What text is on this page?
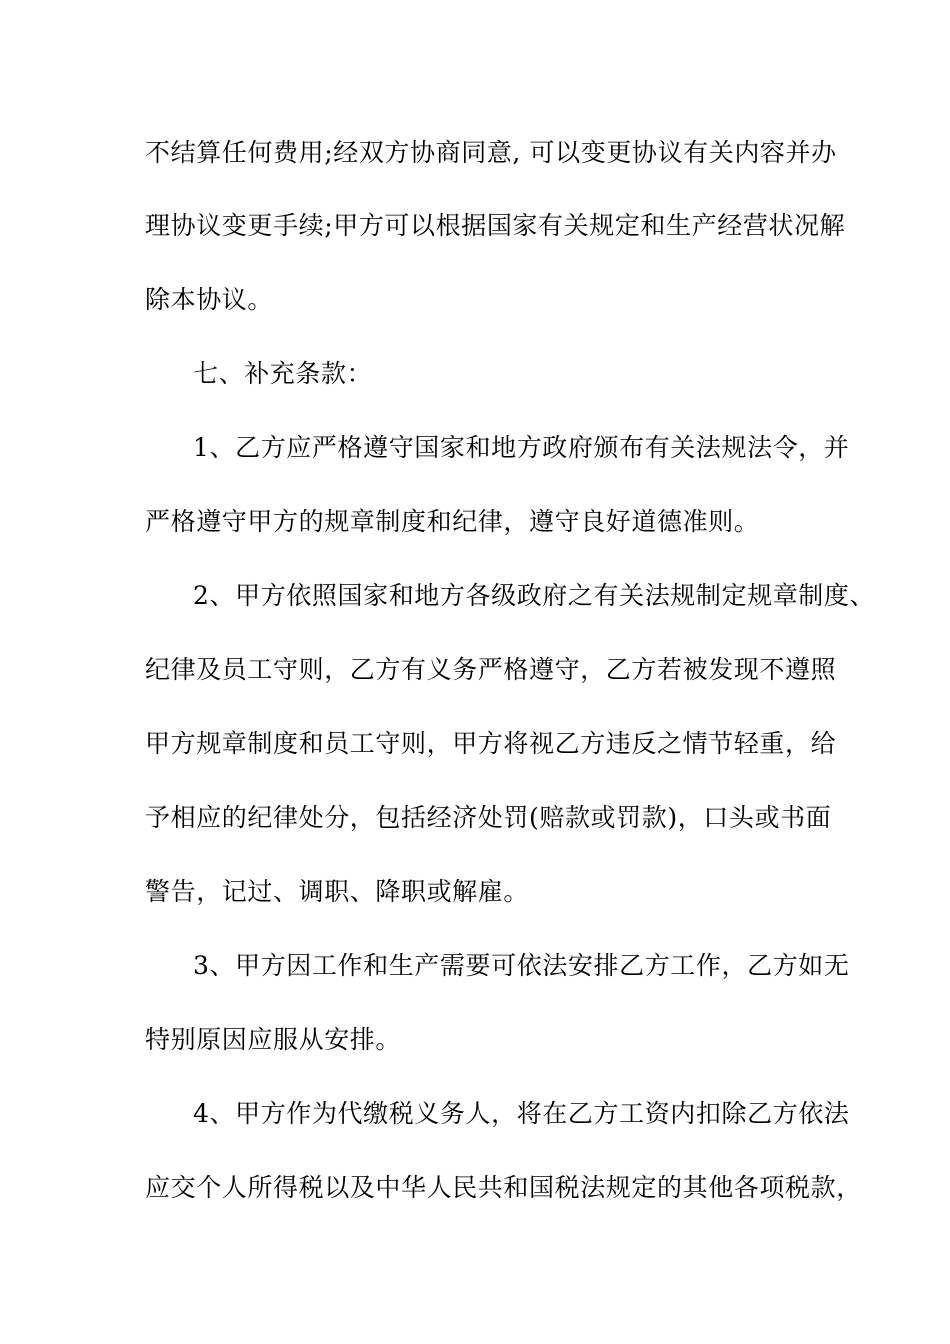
不结算任何费用;经双方协商同意, 可以变更协议有关内容并办
理协议变更手续;甲方可以根据国家有关规定和生产经营状况解
除本协议。
七、补充条款：
1、乙方应严格遵守国家和地方政府颁布有关法规法令，并
严格遵守甲方的规章制度和纪律，遵守良好道德准则。
2、甲方依照国家和地方各级政府之有关法规制定规章制度、
纪律及员工守则，乙方有义务严格遵守，乙方若被发现不遵照
甲方规章制度和员工守则，甲方将视乙方违反之情节轻重，给
予相应的纪律处分，包括经济处罚(赔款或罚款)，口头或书面
警告，记过、调职、降职或解雇。
3、甲方因工作和生产需要可依法安排乙方工作，乙方如无
特别原因应服从安排。
4、甲方作为代缴税义务人，将在乙方工资内扣除乙方依法
应交个人所得税以及中华人民共和国税法规定的其他各项税款，
